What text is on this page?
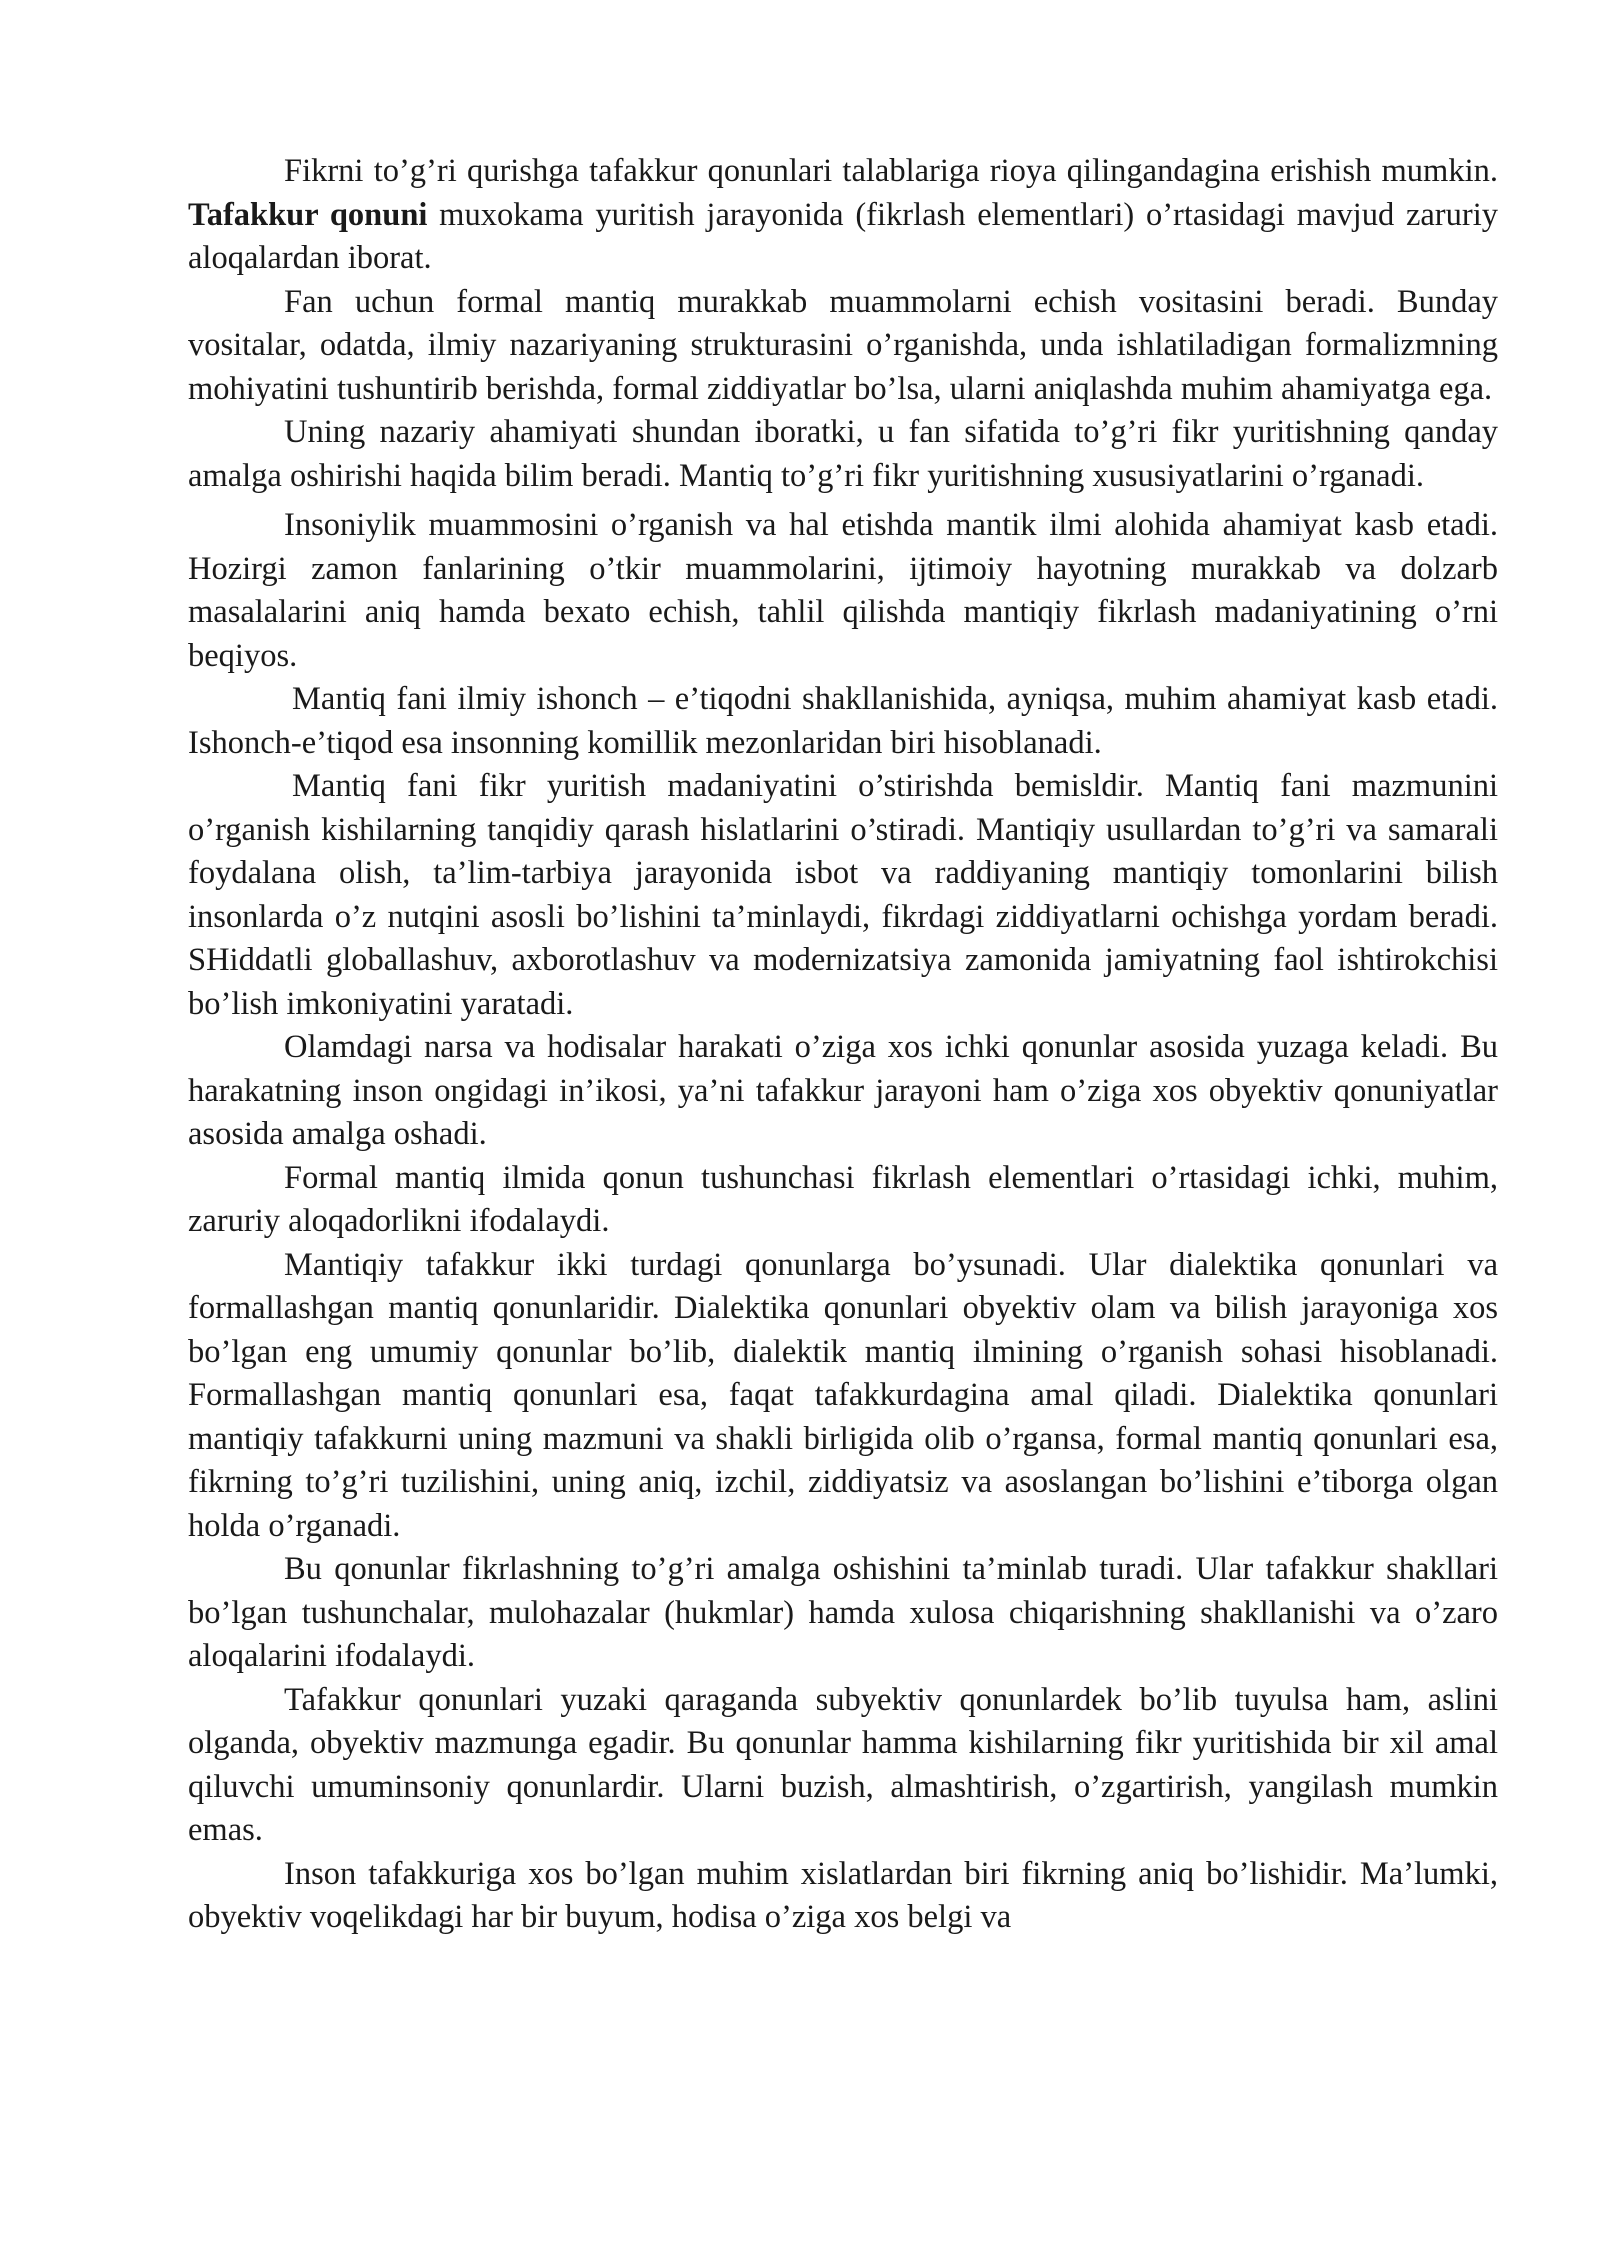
Fikrni to’g’ri qurishga tafakkur qonunlari talablariga rioya qilingandagina erishish mumkin. Tafakkur qonuni muxokama yuritish jarayonida (fikrlash elementlari) o’rtasidagi mavjud zaruriy aloqalardan iborat.

Fan uchun formal mantiq murakkab muammolarni echish vositasini beradi. Bunday vositalar, odatda, ilmiy nazariyaning strukturasini o’rganishda, unda ishlatiladigan formalizmning mohiyatini tushuntirib berishda, formal ziddiyatlar bo’lsa, ularni aniqlashda muhim ahamiyatga ega.

Uning nazariy ahamiyati shundan iboratki, u fan sifatida to’g’ri fikr yuritishning qanday amalga oshirishi haqida bilim beradi. Mantiq to’g’ri fikr yuritishning xususiyatlarini o’rganadi.

Insoniylik muammosini o’rganish va hal etishda mantik ilmi alohida ahamiyat kasb etadi. Hozirgi zamon fanlarining o’tkir muammolarini, ijtimoiy hayotning murakkab va dolzarb masalalarini aniq hamda bexato echish, tahlil qilishda mantiqiy fikrlash madaniyatining o’rni beqiyos.

Mantiq fani ilmiy ishonch – e’tiqodni shakllanishida, ayniqsa, muhim ahamiyat kasb etadi. Ishonch-e’tiqod esa insonning komillik mezonlaridan biri hisoblanadi.

Mantiq fani fikr yuritish madaniyatini o’stirishda bemisldir. Mantiq fani mazmunini o’rganish kishilarning tanqidiy qarash hislatlarini o’stiradi. Mantiqiy usullardan to’g’ri va samarali foydalana olish, ta’lim-tarbiya jarayonida isbot va raddiyaning mantiqiy tomonlarini bilish insonlarda o’z nutqini asosli bo’lishini ta’minlaydi, fikrdagi ziddiyatlarni ochishga yordam beradi. SHiddatli globallashuv, axborotlashuv va modernizatsiya zamonida jamiyatning faol ishtirokchisi bo’lish imkoniyatini yaratadi.

Olamdagi narsa va hodisalar harakati o’ziga xos ichki qonunlar asosida yuzaga keladi. Bu harakatning inson ongidagi in’ikosi, ya’ni tafakkur jarayoni ham o’ziga xos obyektiv qonuniyatlar asosida amalga oshadi.

Formal mantiq ilmida qonun tushunchasi fikrlash elementlari o’rtasidagi ichki, muhim, zaruriy aloqadorlikni ifodalaydi.

Mantiqiy tafakkur ikki turdagi qonunlarga bo’ysunadi. Ular dialektika qonunlari va formallashgan mantiq qonunlaridir. Dialektika qonunlari obyektiv olam va bilish jarayoniga xos bo’lgan eng umumiy qonunlar bo’lib, dialektik mantiq ilmining o’rganish sohasi hisoblanadi. Formallashgan mantiq qonunlari esa, faqat tafakkurdagina amal qiladi. Dialektika qonunlari mantiqiy tafakkurni uning mazmuni va shakli birligida olib o’rgansa, formal mantiq qonunlari esa, fikrning to’g’ri tuzilishini, uning aniq, izchil, ziddiyatsiz va asoslangan bo’lishini e’tiborga olgan holda o’rganadi.

Bu qonunlar fikrlashning to’g’ri amalga oshishini ta’minlab turadi. Ular tafakkur shakllari bo’lgan tushunchalar, mulohazalar (hukmlar) hamda xulosa chiqarishning shakllanishi va o’zaro aloqalarini ifodalaydi.

Tafakkur qonunlari yuzaki qaraganda subyektiv qonunlardek bo’lib tuyulsa ham, aslini olganda, obyektiv mazmunga egadir. Bu qonunlar hamma kishilarning fikr yuritishida bir xil amal qiluvchi umuminsoniy qonunlardir. Ularni buzish, almashtirish, o’zgartirish, yangilash mumkin emas.

Inson tafakkuriga xos bo’lgan muhim xislatlardan biri fikrning aniq bo’lishidir. Ma’lumki, obyektiv voqelikdagi har bir buyum, hodisa o’ziga xos belgi va
